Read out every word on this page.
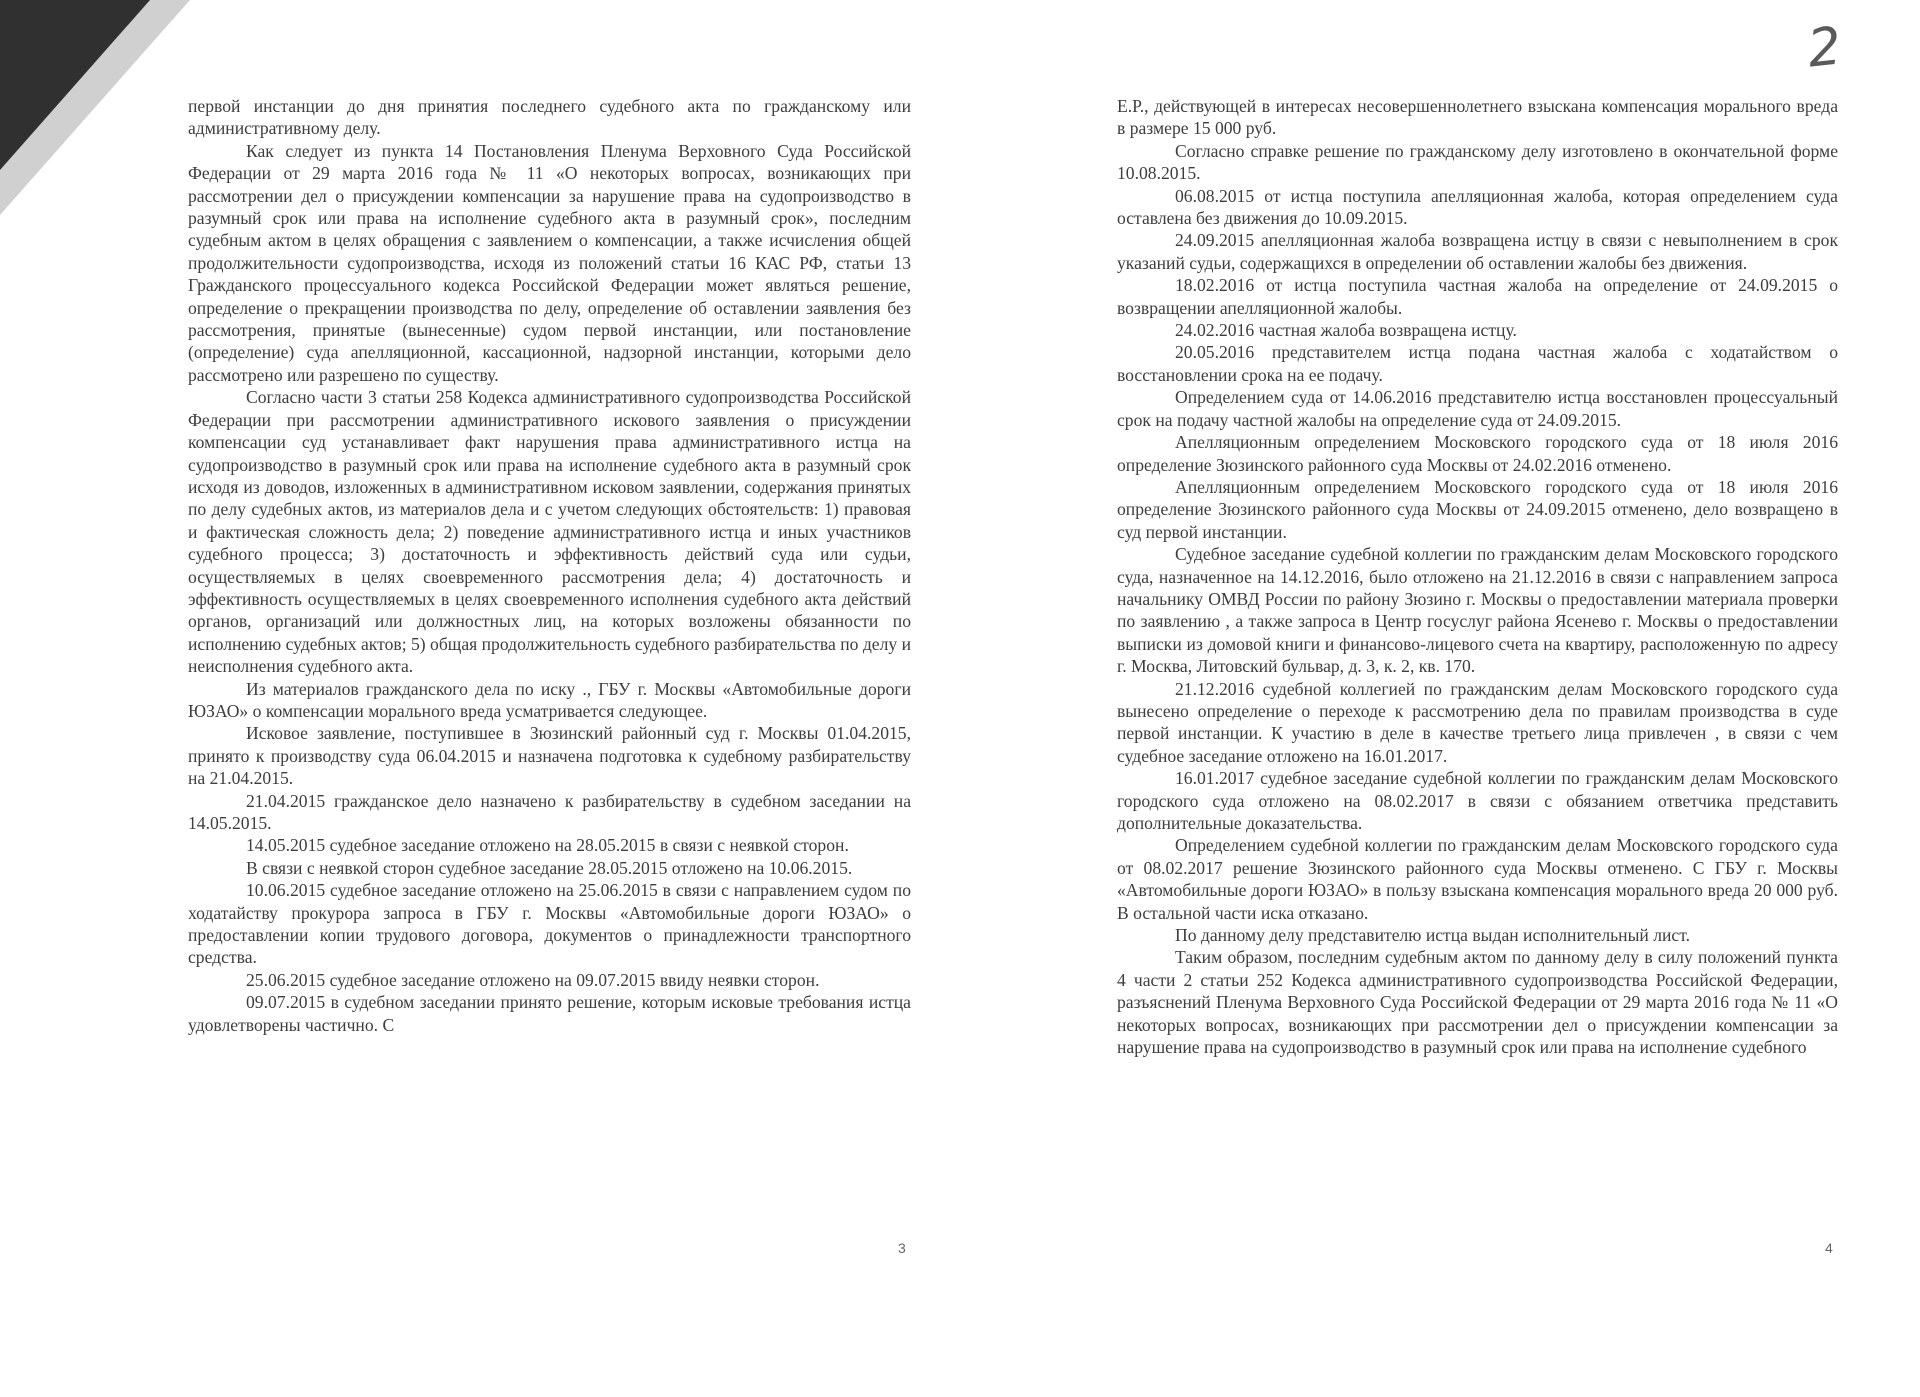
2

первой инстанции до дня принятия последнего судебного акта по гражданскому или административному делу.

Как следует из пункта 14 Постановления Пленума Верховного Суда Российской Федерации от 29 марта 2016 года № 11 «О некоторых вопросах, возникающих при рассмотрении дел о присуждении компенсации за нарушение права на судопроизводство в разумный срок или права на исполнение судебного акта в разумный срок», последним судебным актом в целях обращения с заявлением о компенсации, а также исчисления общей продолжительности судопроизводства, исходя из положений статьи 16 КАС РФ, статьи 13 Гражданского процессуального кодекса Российской Федерации может являться решение, определение о прекращении производства по делу, определение об оставлении заявления без рассмотрения, принятые (вынесенные) судом первой инстанции, или постановление (определение) суда апелляционной, кассационной, надзорной инстанции, которыми дело рассмотрено или разрешено по существу.

Согласно части 3 статьи 258 Кодекса административного судопроизводства Российской Федерации при рассмотрении административного искового заявления о присуждении компенсации суд устанавливает факт нарушения права административного истца на судопроизводство в разумный срок или права на исполнение судебного акта в разумный срок исходя из доводов, изложенных в административном исковом заявлении, содержания принятых по делу судебных актов, из материалов дела и с учетом следующих обстоятельств: 1) правовая и фактическая сложность дела; 2) поведение административного истца и иных участников судебного процесса; 3) достаточность и эффективность действий суда или судьи, осуществляемых в целях своевременного рассмотрения дела; 4) достаточность и эффективность осуществляемых в целях своевременного исполнения судебного акта действий органов, организаций или должностных лиц, на которых возложены обязанности по исполнению судебных актов; 5) общая продолжительность судебного разбирательства по делу и неисполнения судебного акта.

Из материалов гражданского дела по иску ., ГБУ г. Москвы «Автомобильные дороги ЮЗАО» о компенсации морального вреда усматривается следующее.

Исковое заявление, поступившее в Зюзинский районный суд г. Москвы 01.04.2015, принято к производству суда 06.04.2015 и назначена подготовка к судебному разбирательству на 21.04.2015.

21.04.2015 гражданское дело назначено к разбирательству в судебном заседании на 14.05.2015.

14.05.2015 судебное заседание отложено на 28.05.2015 в связи с неявкой сторон.

В связи с неявкой сторон судебное заседание 28.05.2015 отложено на 10.06.2015.

10.06.2015 судебное заседание отложено на 25.06.2015 в связи с направлением судом по ходатайству прокурора запроса в ГБУ г. Москвы «Автомобильные дороги ЮЗАО» о предоставлении копии трудового договора, документов о принадлежности транспортного средства.

25.06.2015 судебное заседание отложено на 09.07.2015 ввиду неявки сторон.

09.07.2015 в судебном заседании принято решение, которым исковые требования истца удовлетворены частично. С

3

Е.Р., действующей в интересах несовершеннолетнего взыскана компенсация морального вреда в размере 15 000 руб.

Согласно справке решение по гражданскому делу изготовлено в окончательной форме 10.08.2015.

06.08.2015 от истца поступила апелляционная жалоба, которая определением суда оставлена без движения до 10.09.2015.

24.09.2015 апелляционная жалоба возвращена истцу в связи с невыполнением в срок указаний судьи, содержащихся в определении об оставлении жалобы без движения.

18.02.2016 от истца поступила частная жалоба на определение от 24.09.2015 о возвращении апелляционной жалобы.

24.02.2016 частная жалоба возвращена истцу.

20.05.2016 представителем истца подана частная жалоба с ходатайством о восстановлении срока на ее подачу.

Определением суда от 14.06.2016 представителю истца восстановлен процессуальный срок на подачу частной жалобы на определение суда от 24.09.2015.

Апелляционным определением Московского городского суда от 18 июля 2016 определение Зюзинского районного суда Москвы от 24.02.2016 отменено.

Апелляционным определением Московского городского суда от 18 июля 2016 определение Зюзинского районного суда Москвы от 24.09.2015 отменено, дело возвращено в суд первой инстанции.

Судебное заседание судебной коллегии по гражданским делам Московского городского суда, назначенное на 14.12.2016, было отложено на 21.12.2016 в связи с направлением запроса начальнику ОМВД России по району Зюзино г. Москвы о предоставлении материала проверки по заявлению , а также запроса в Центр госуслуг района Ясенево г. Москвы о предоставлении выписки из домовой книги и финансово-лицевого счета на квартиру, расположенную по адресу г. Москва, Литовский бульвар, д. 3, к. 2, кв. 170.

21.12.2016 судебной коллегией по гражданским делам Московского городского суда вынесено определение о переходе к рассмотрению дела по правилам производства в суде первой инстанции. К участию в деле в качестве третьего лица привлечен , в связи с чем судебное заседание отложено на 16.01.2017.

16.01.2017 судебное заседание судебной коллегии по гражданским делам Московского городского суда отложено на 08.02.2017 в связи с обязанием ответчика представить дополнительные доказательства.

Определением судебной коллегии по гражданским делам Московского городского суда от 08.02.2017 решение Зюзинского районного суда Москвы отменено. С ГБУ г. Москвы «Автомобильные дороги ЮЗАО» в пользу взыскана компенсация морального вреда 20 000 руб. В остальной части иска отказано.

По данному делу представителю истца выдан исполнительный лист.

Таким образом, последним судебным актом по данному делу в силу положений пункта 4 части 2 статьи 252 Кодекса административного судопроизводства Российской Федерации, разъяснений Пленума Верховного Суда Российской Федерации от 29 марта 2016 года № 11 «О некоторых вопросах, возникающих при рассмотрении дел о присуждении компенсации за нарушение права на судопроизводство в разумный срок или права на исполнение судебного

4
